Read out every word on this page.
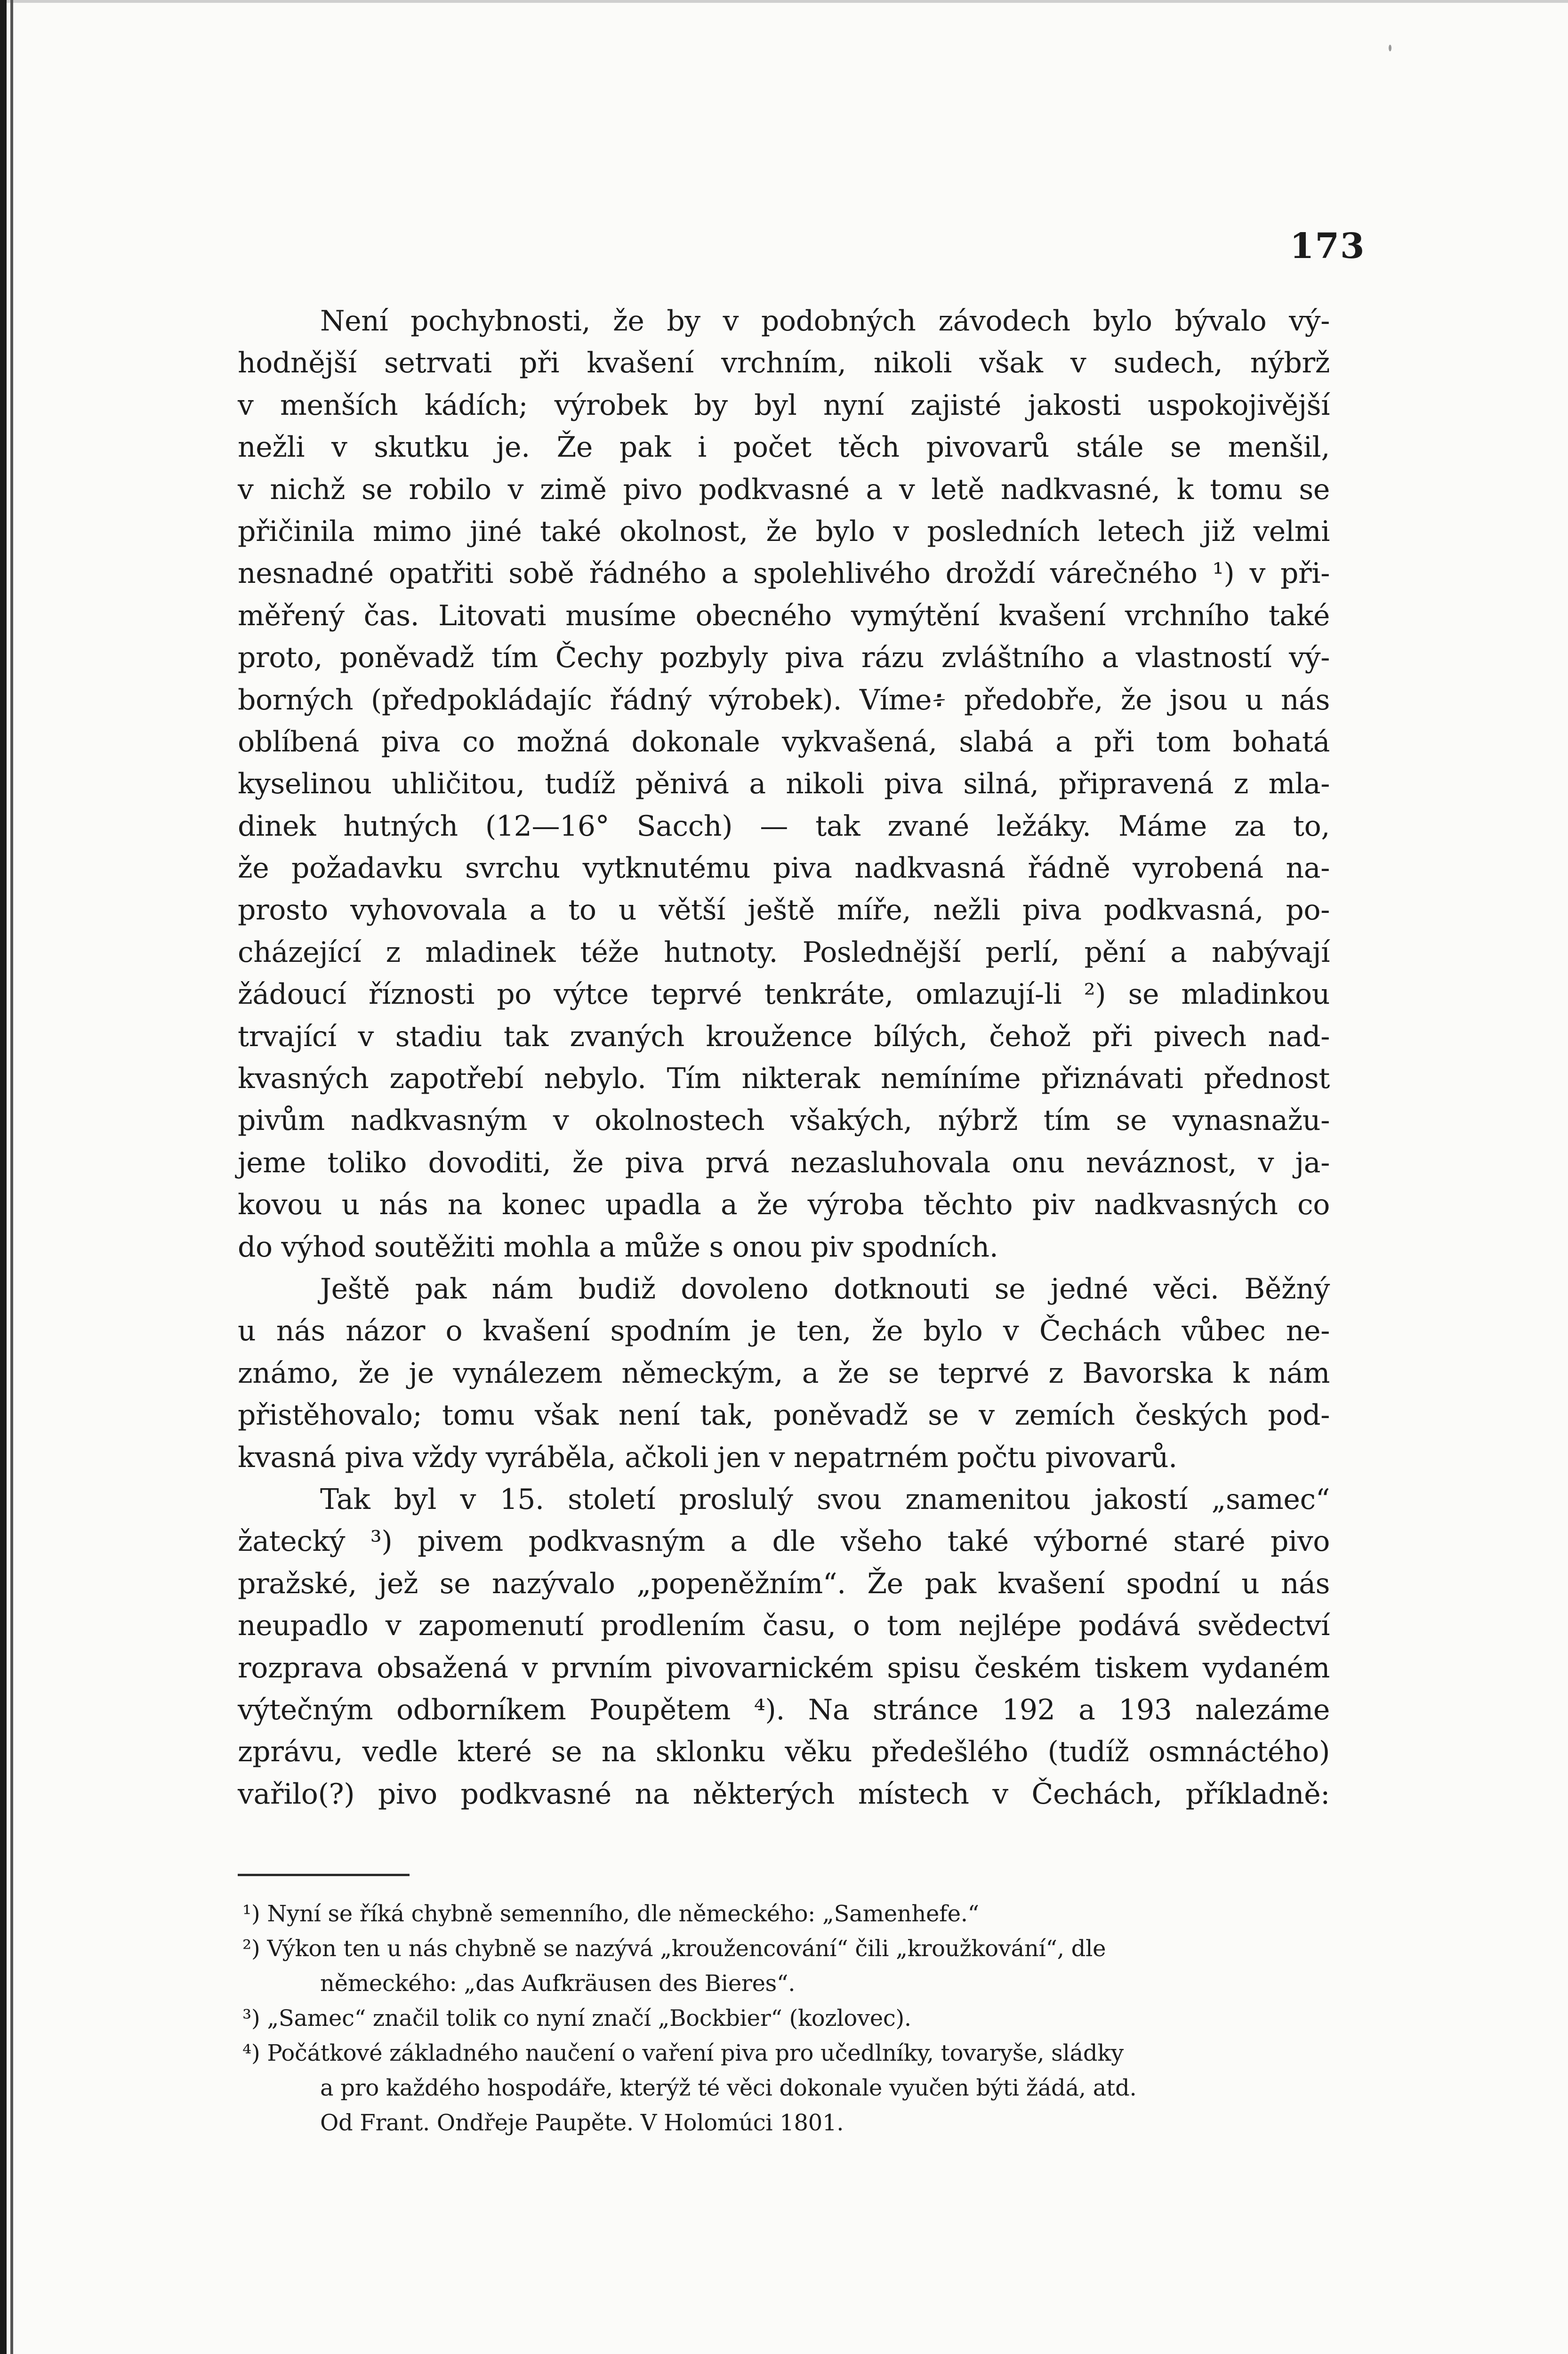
173
Není pochybnosti, že by v podobných závodech bylo bývalo vý-
hodnější setrvati při kvašení vrchním, nikoli však v sudech, nýbrž
v menších kádích; výrobek by byl nyní zajisté jakosti uspokojivější
nežli v skutku je. Že pak i počet těch pivovarů stále se menšil,
v nichž se robilo v zimě pivo podkvasné a v letě nadkvasné, k tomu se
přičinila mimo jiné také okolnost, že bylo v posledních letech již velmi
nesnadné opatřiti sobě řádného a spolehlivého droždí várečného ¹) v při-
měřený čas. Litovati musíme obecného vymýtění kvašení vrchního také
proto, poněvadž tím Čechy pozbyly piva rázu zvláštního a vlastností vý-
borných (předpokládajíc řádný výrobek). Víme፥ předobře, že jsou u nás
oblíbená piva co možná dokonale vykvašená, slabá a při tom bohatá
kyselinou uhličitou, tudíž pěnivá a nikoli piva silná, připravená z mla-
dinek hutných (12—16° Sacch) — tak zvané ležáky. Máme za to,
že požadavku svrchu vytknutému piva nadkvasná řádně vyrobená na-
prosto vyhovovala a to u větší ještě míře, nežli piva podkvasná, po-
cházející z mladinek téže hutnoty. Poslednější perlí, pění a nabývají
žádoucí říznosti po výtce teprvé tenkráte, omlazují-li ²) se mladinkou
trvající v stadiu tak zvaných kroužence bílých, čehož při pivech nad-
kvasných zapotřebí nebylo. Tím nikterak nemíníme přiznávati přednost
pivům nadkvasným v okolnostech všakých, nýbrž tím se vynasnažu-
jeme toliko dovoditi, že piva prvá nezasluhovala onu neváznost, v ja-
kovou u nás na konec upadla a že výroba těchto piv nadkvasných co
do výhod soutěžiti mohla a může s onou piv spodních.
Ještě pak nám budiž dovoleno dotknouti se jedné věci. Běžný
u nás názor o kvašení spodním je ten, že bylo v Čechách vůbec ne-
známo, že je vynálezem německým, a že se teprvé z Bavorska k nám
přistěhovalo; tomu však není tak, poněvadž se v zemích českých pod-
kvasná piva vždy vyráběla, ačkoli jen v nepatrném počtu pivovarů.
Tak byl v 15. století proslulý svou znamenitou jakostí „samec“
žatecký ³) pivem podkvasným a dle všeho také výborné staré pivo
pražské, jež se nazývalo „popeněžním“. Že pak kvašení spodní u nás
neupadlo v zapomenutí prodlením času, o tom nejlépe podává svědectví
rozprava obsažená v prvním pivovarnickém spisu českém tiskem vydaném
výtečným odborníkem Poupětem ⁴). Na stránce 192 a 193 nalezáme
zprávu, vedle které se na sklonku věku předešlého (tudíž osmnáctého)
vařilo(?) pivo podkvasné na některých místech v Čechách, příkladně:
¹) Nyní se říká chybně semenního, dle německého: „Samenhefe.“
²) Výkon ten u nás chybně se nazývá „kroužencování“ čili „kroužkování“, dle
německého: „das Aufkräusen des Bieres“.
³) „Samec“ značil tolik co nyní značí „Bockbier“ (kozlovec).
⁴) Počátkové základného naučení o vaření piva pro učedlníky, tovaryše, sládky
a pro každého hospodáře, kterýž té věci dokonale vyučen býti žádá, atd.
Od Frant. Ondřeje Paupěte. V Holomúci 1801.
